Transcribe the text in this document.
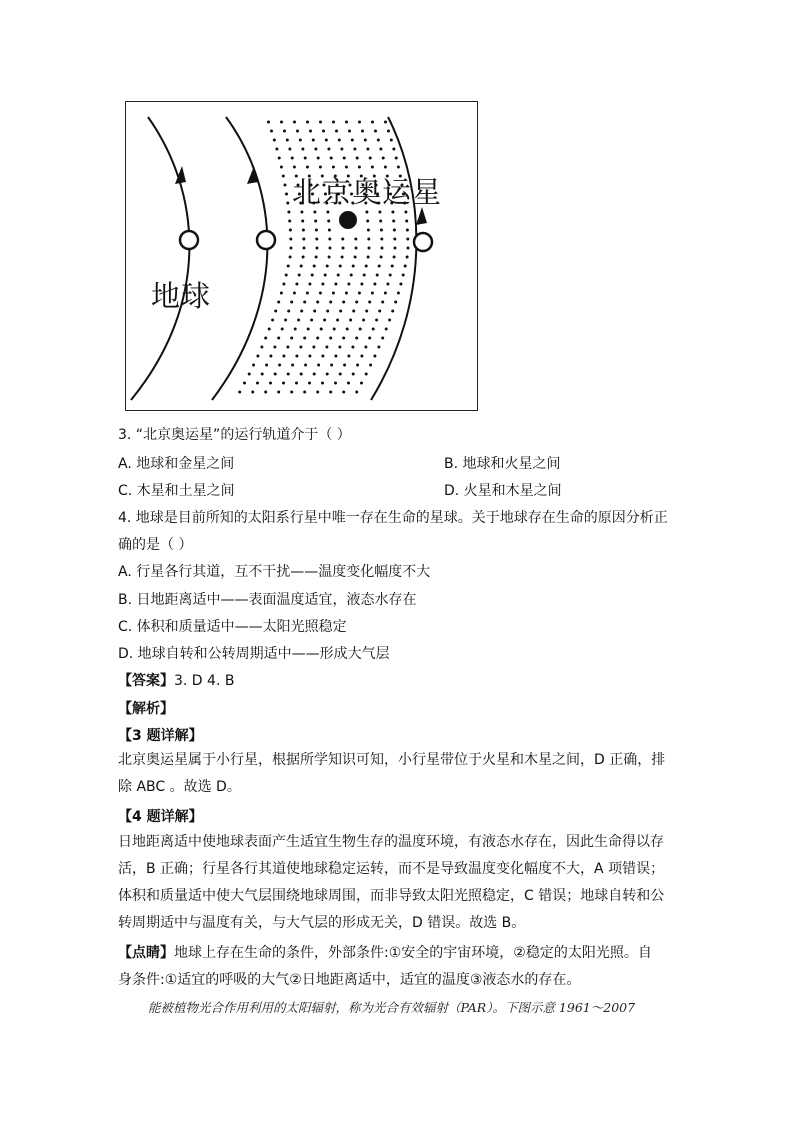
北京奥运星
地球
3. “北京奥运星”的运行轨道介于（ ）
A. 地球和金星之间	B. 地球和火星之间
C. 木星和土星之间	D. 火星和木星之间
4. 地球是目前所知的太阳系行星中唯一存在生命的星球。关于地球存在生命的原因分析正
确的是（ ）
A. 行星各行其道，互不干扰——温度变化幅度不大
B. 日地距离适中——表面温度适宜，液态水存在
C. 体积和质量适中——太阳光照稳定
D. 地球自转和公转周期适中——形成大气层
【答案】3. D 4. B
【解析】
【3 题详解】
北京奥运星属于小行星，根据所学知识可知，小行星带位于火星和木星之间，D 正确，排
除 ABC 。故选 D。
【4 题详解】
日地距离适中使地球表面产生适宜生物生存的温度环境，有液态水存在，因此生命得以存
活，B 正确；行星各行其道使地球稳定运转，而不是导致温度变化幅度不大，A 项错误；
体积和质量适中使大气层围绕地球周围，而非导致太阳光照稳定，C 错误；地球自转和公
转周期适中与温度有关，与大气层的形成无关，D 错误。故选 B。
【点睛】地球上存在生命的条件，外部条件:①安全的宇宙环境，②稳定的太阳光照。自
身条件:①适宜的呼吸的大气②日地距离适中，适宜的温度③液态水的存在。
能被植物光合作用利用的太阳辐射，称为光合有效辐射（PAR）。下图示意 1961～2007
